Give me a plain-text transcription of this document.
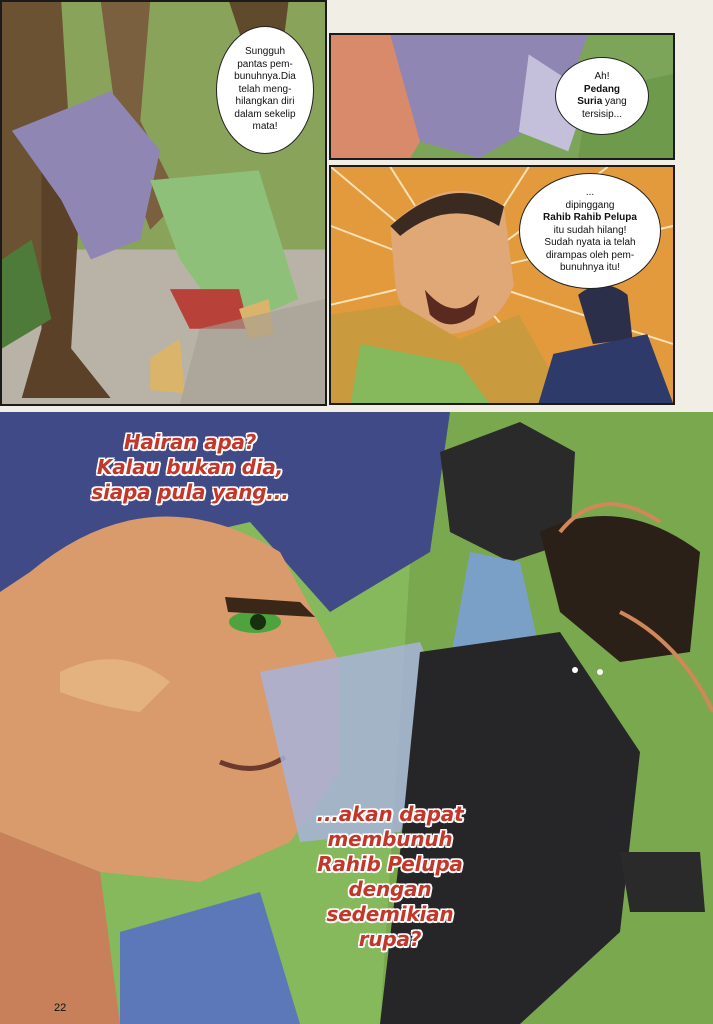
Sungguh
pantas pem-
bunuhnya.Dia
telah meng-
hilangkan diri
dalam sekelip
mata!
Ah!
Pedang
Suria yang
tersisip...
...
dipinggang
Rahib Rahib Pelupa
itu sudah hilang!
Sudah nyata ia telah
dirampas oleh pem-
bunuhnya itu!
Hairan apa?
Kalau bukan dia,
siapa pula yang...
...akan dapat
membunuh
Rahib Pelupa
dengan
sedemikian
rupa?
22
